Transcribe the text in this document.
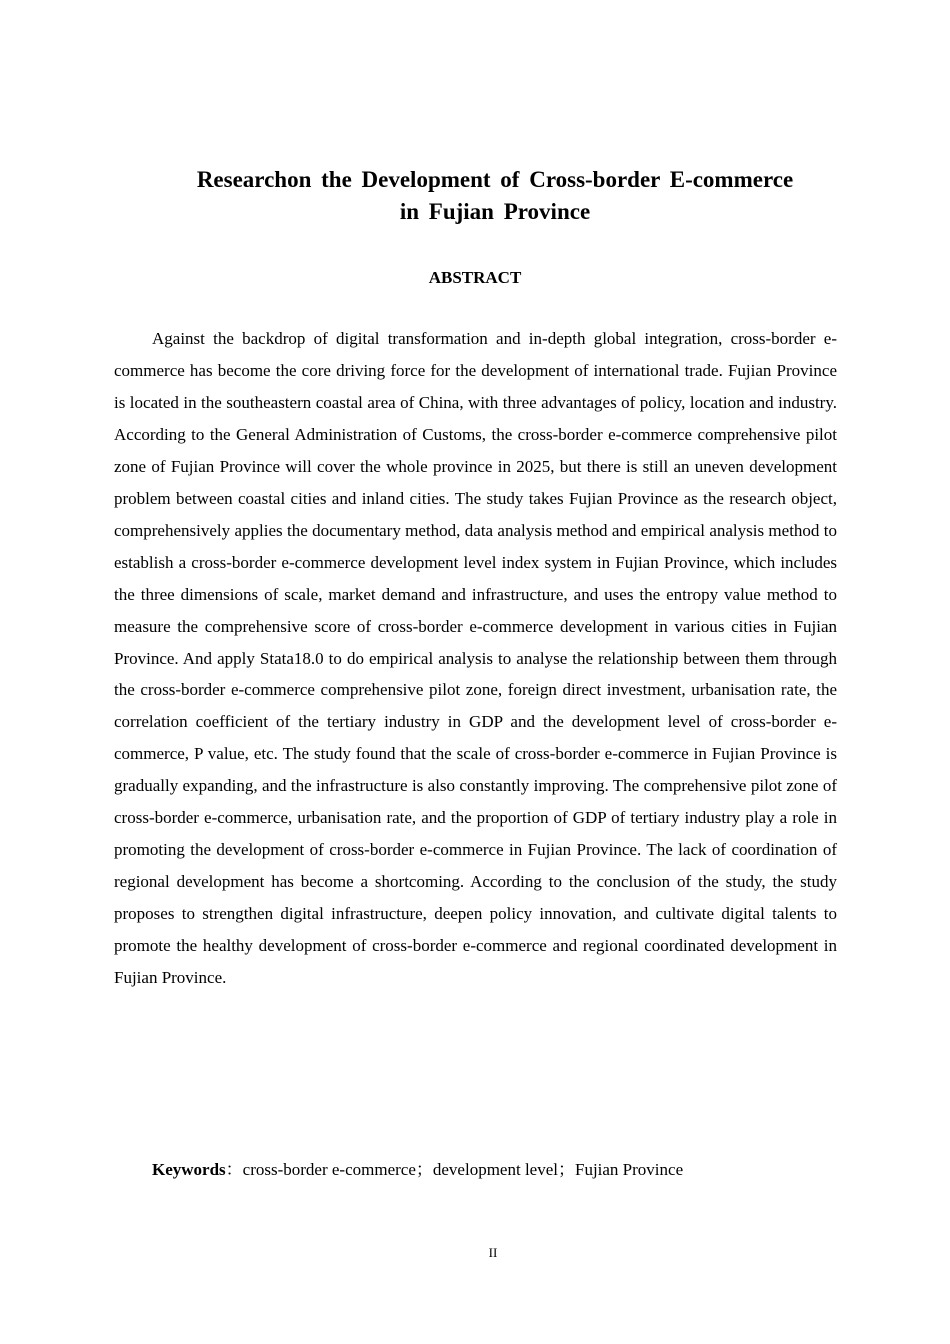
Researchon the Development of Cross-border E-commerce
in Fujian Province
ABSTRACT

Against the backdrop of digital transformation and in-depth global integration, cross-border e-commerce has become the core driving force for the development of international trade. Fujian Province is located in the southeastern coastal area of China, with three advantages of policy, location and industry. According to the General Administration of Customs, the cross-border e-commerce comprehensive pilot zone of Fujian Province will cover the whole province in 2025, but there is still an uneven development problem between coastal cities and inland cities. The study takes Fujian Province as the research object, comprehensively applies the documentary method, data analysis method and empirical analysis method to establish a cross-border e-commerce development level index system in Fujian Province, which includes the three dimensions of scale, market demand and infrastructure, and uses the entropy value method to measure the comprehensive score of cross-border e-commerce development in various cities in Fujian Province. And apply Stata18.0 to do empirical analysis to analyse the relationship between them through the cross-border e-commerce comprehensive pilot zone, foreign direct investment, urbanisation rate, the correlation coefficient of the tertiary industry in GDP and the development level of cross-border e-commerce, P value, etc. The study found that the scale of cross-border e-commerce in Fujian Province is gradually expanding, and the infrastructure is also constantly improving. The comprehensive pilot zone of cross-border e-commerce, urbanisation rate, and the proportion of GDP of tertiary industry play a role in promoting the development of cross-border e-commerce in Fujian Province. The lack of coordination of regional development has become a shortcoming. According to the conclusion of the study, the study proposes to strengthen digital infrastructure, deepen policy innovation, and cultivate digital talents to promote the healthy development of cross-border e-commerce and regional coordinated development in Fujian Province.

Keywords：cross-border e-commerce；development level；Fujian Province

II
